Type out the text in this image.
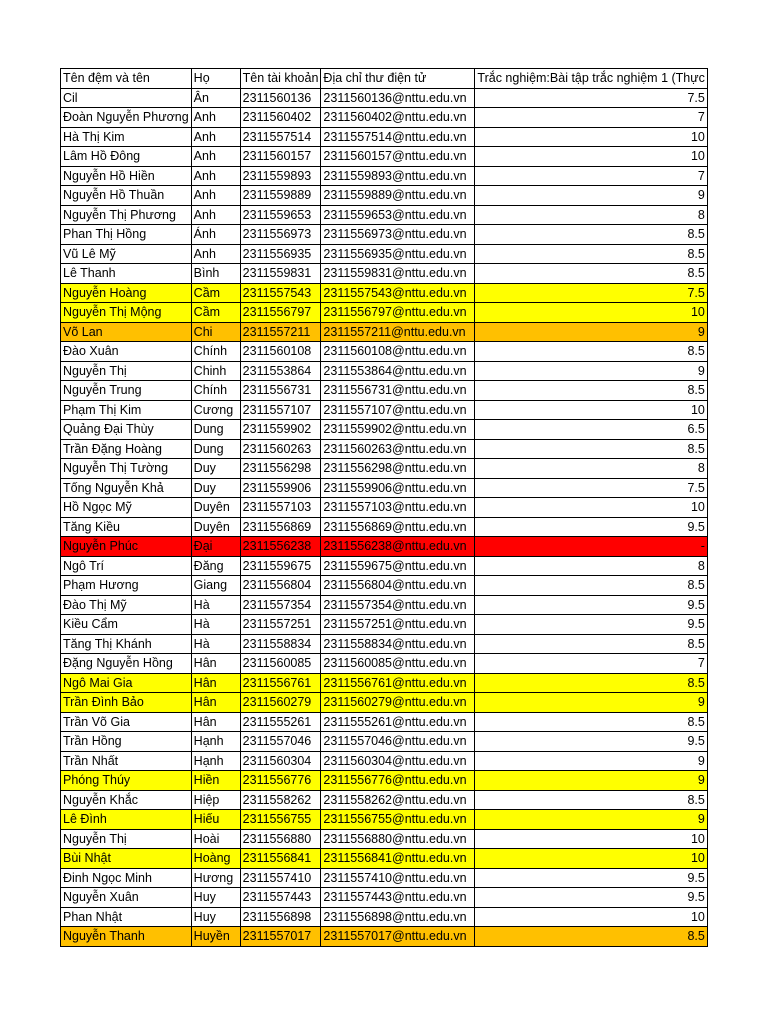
Tên đệm và tên	Họ	Tên tài khoản	Địa chỉ thư điện tử	Trắc nghiệm:Bài tập trắc nghiệm 1 (Thực
Cil	Ân	2311560136	2311560136@nttu.edu.vn	7.5
Đoàn Nguyễn Phương	Anh	2311560402	2311560402@nttu.edu.vn	7
Hà Thị Kim	Anh	2311557514	2311557514@nttu.edu.vn	10
Lâm Hồ Đông	Anh	2311560157	2311560157@nttu.edu.vn	10
Nguyễn Hồ Hiền	Anh	2311559893	2311559893@nttu.edu.vn	7
Nguyễn Hồ Thuần	Anh	2311559889	2311559889@nttu.edu.vn	9
Nguyễn Thị Phương	Anh	2311559653	2311559653@nttu.edu.vn	8
Phan Thị Hồng	Ánh	2311556973	2311556973@nttu.edu.vn	8.5
Vũ Lê Mỹ	Anh	2311556935	2311556935@nttu.edu.vn	8.5
Lê Thanh	Bình	2311559831	2311559831@nttu.edu.vn	8.5
Nguyễn Hoàng	Cầm	2311557543	2311557543@nttu.edu.vn	7.5
Nguyễn Thị Mộng	Cầm	2311556797	2311556797@nttu.edu.vn	10
Võ Lan	Chi	2311557211	2311557211@nttu.edu.vn	9
Đào Xuân	Chính	2311560108	2311560108@nttu.edu.vn	8.5
Nguyễn Thị	Chinh	2311553864	2311553864@nttu.edu.vn	9
Nguyễn Trung	Chính	2311556731	2311556731@nttu.edu.vn	8.5
Phạm Thị Kim	Cương	2311557107	2311557107@nttu.edu.vn	10
Quảng Đại Thùy	Dung	2311559902	2311559902@nttu.edu.vn	6.5
Trần Đặng Hoàng	Dung	2311560263	2311560263@nttu.edu.vn	8.5
Nguyễn Thị Tường	Duy	2311556298	2311556298@nttu.edu.vn	8
Tống Nguyễn Khả	Duy	2311559906	2311559906@nttu.edu.vn	7.5
Hồ Ngọc Mỹ	Duyên	2311557103	2311557103@nttu.edu.vn	10
Tăng Kiều	Duyên	2311556869	2311556869@nttu.edu.vn	9.5
Nguyễn Phúc	Đại	2311556238	2311556238@nttu.edu.vn	-
Ngô Trí	Đăng	2311559675	2311559675@nttu.edu.vn	8
Phạm Hương	Giang	2311556804	2311556804@nttu.edu.vn	8.5
Đào Thị Mỹ	Hà	2311557354	2311557354@nttu.edu.vn	9.5
Kiều Cẩm	Hà	2311557251	2311557251@nttu.edu.vn	9.5
Tăng Thị Khánh	Hà	2311558834	2311558834@nttu.edu.vn	8.5
Đặng Nguyễn Hồng	Hân	2311560085	2311560085@nttu.edu.vn	7
Ngô Mai Gia	Hân	2311556761	2311556761@nttu.edu.vn	8.5
Trần Đình Bảo	Hân	2311560279	2311560279@nttu.edu.vn	9
Trần Võ Gia	Hân	2311555261	2311555261@nttu.edu.vn	8.5
Trần Hồng	Hạnh	2311557046	2311557046@nttu.edu.vn	9.5
Trần Nhất	Hạnh	2311560304	2311560304@nttu.edu.vn	9
Phóng Thúy	Hiền	2311556776	2311556776@nttu.edu.vn	9
Nguyễn Khắc	Hiệp	2311558262	2311558262@nttu.edu.vn	8.5
Lê Đình	Hiếu	2311556755	2311556755@nttu.edu.vn	9
Nguyễn Thị	Hoài	2311556880	2311556880@nttu.edu.vn	10
Bùi Nhật	Hoàng	2311556841	2311556841@nttu.edu.vn	10
Đinh Ngọc Minh	Hương	2311557410	2311557410@nttu.edu.vn	9.5
Nguyễn Xuân	Huy	2311557443	2311557443@nttu.edu.vn	9.5
Phan Nhật	Huy	2311556898	2311556898@nttu.edu.vn	10
Nguyễn Thanh	Huyền	2311557017	2311557017@nttu.edu.vn	8.5
